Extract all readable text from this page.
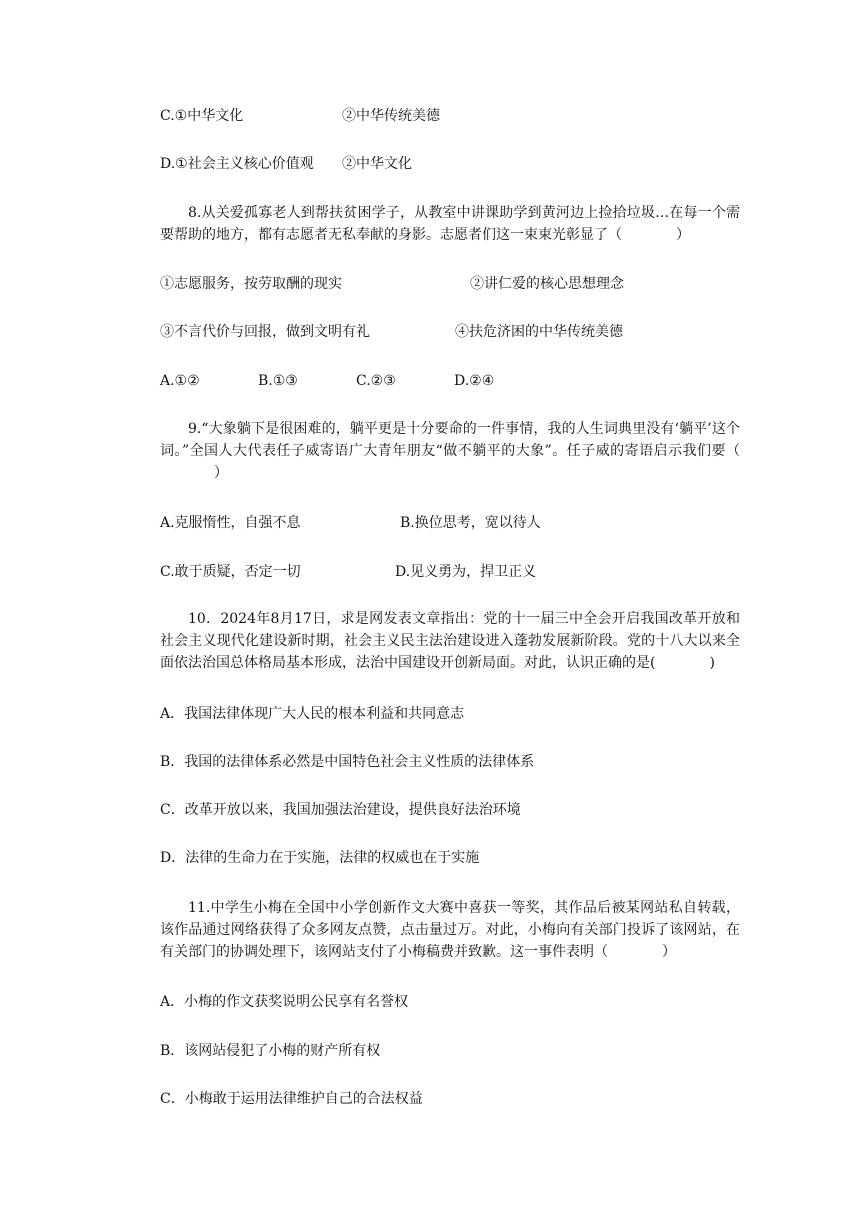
C.①中华文化	②中华传统美德
D.①社会主义核心价值观 ②中华文化
8.从关爱孤寡老人到帮扶贫困学子，从教室中讲课助学到黄河边上捡拾垃圾…在每一个需要帮助的地方，都有志愿者无私奉献的身影。志愿者们这一束束光彰显了（	）
①志愿服务，按劳取酬的现实	②讲仁爱的核心思想理念
③不言代价与回报，做到文明有礼	④扶危济困的中华传统美德
A.①②	B.①③	C.②③	D.②④
9.“大象躺下是很困难的，躺平更是十分要命的一件事情，我的人生词典里没有‘躺平’这个词。”全国人大代表任子威寄语广大青年朋友“做不躺平的大象”。任子威的寄语启示我们要（）
A.克服惰性，自强不息	B.换位思考，宽以待人
C.敢于质疑，否定一切	D.见义勇为，捍卫正义
10．2024年8月17日，求是网发表文章指出：党的十一届三中全会开启我国改革开放和社会主义现代化建设新时期，社会主义民主法治建设进入蓬勃发展新阶段。党的十八大以来全面依法治国总体格局基本形成，法治中国建设开创新局面。对此，认识正确的是(	)
A．我国法律体现广大人民的根本利益和共同意志
B．我国的法律体系必然是中国特色社会主义性质的法律体系
C．改革开放以来，我国加强法治建设，提供良好法治环境
D．法律的生命力在于实施，法律的权威也在于实施
11.中学生小梅在全国中小学创新作文大赛中喜获一等奖，其作品后被某网站私自转载，该作品通过网络获得了众多网友点赞，点击量过万。对此，小梅向有关部门投诉了该网站，在有关部门的协调处理下，该网站支付了小梅稿费并致歉。这一事件表明（	）
A．小梅的作文获奖说明公民享有名誉权
B．该网站侵犯了小梅的财产所有权
C．小梅敢于运用法律维护自己的合法权益
